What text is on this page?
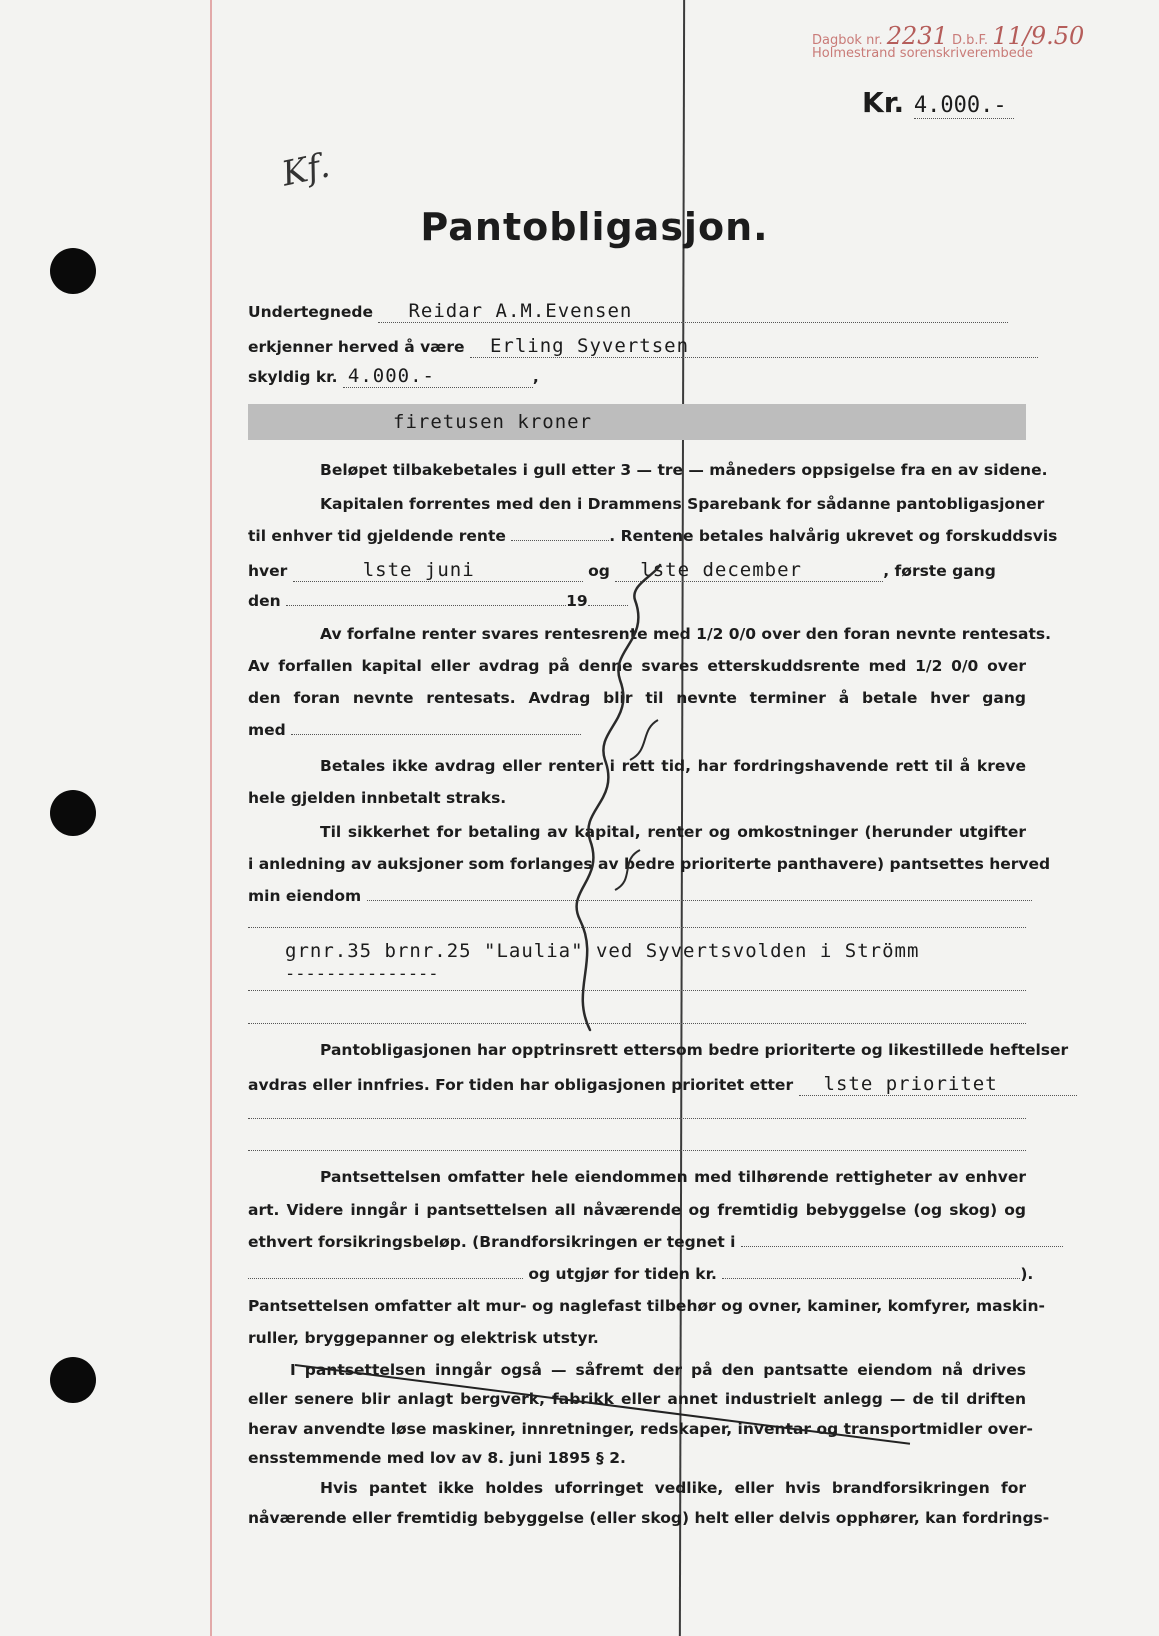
Dagbok nr. 2231 D.b.F. 11/9.50
Holmestrand sorenskriverembede
Kr. 4.000.-
Kf.
Pantobligasjon.
Undertegnede Reidar A.M.Evensen
erkjenner herved å være Erling Syvertsen
skyldig kr. 4.000.-	,
firetusen kroner
Beløpet tilbakebetales i gull etter 3 — tre — måneders oppsigelse fra en av sidene.
Kapitalen forrentes med den i Drammens Sparebank for sådanne pantobligasjoner
til enhver tid gjeldende rente	. Rentene betales halvårig ukrevet og forskuddsvis
hver	lste juni	og lste december	, første gang
den	19
Av forfalne renter svares rentesrente med 1/2 0/0 over den foran nevnte rentesats.
Av forfallen kapital eller avdrag på denne svares etterskuddsrente med 1/2 0/0 over
den foran nevnte rentesats. Avdrag blir til nevnte terminer å betale hver gang
med
Betales ikke avdrag eller renter i rett tid, har fordringshavende rett til å kreve
hele gjelden innbetalt straks.
Til sikkerhet for betaling av kapital, renter og omkostninger (herunder utgifter
i anledning av auksjoner som forlanges av bedre prioriterte panthavere) pantsettes herved
min eiendom
grnr.35 brnr.25 "Laulia" ved Syvertsvolden i Strömm
---------------
Pantobligasjonen har opptrinsrett ettersom bedre prioriterte og likestillede heftelser
avdras eller innfries. For tiden har obligasjonen prioritet etter lste prioritet
Pantsettelsen omfatter hele eiendommen med tilhørende rettigheter av enhver
art. Videre inngår i pantsettelsen all nåværende og fremtidig bebyggelse (og skog) og
ethvert forsikringsbeløp. (Brandforsikringen er tegnet i
og utgjør for tiden kr.	).
Pantsettelsen omfatter alt mur- og naglefast tilbehør og ovner, kaminer, komfyrer, maskin-
ruller, bryggepanner og elektrisk utstyr.
I pantsettelsen inngår også — såfremt der på den pantsatte eiendom nå drives
eller senere blir anlagt bergverk, fabrikk eller annet industrielt anlegg — de til driften
herav anvendte løse maskiner, innretninger, redskaper, inventar og transportmidler over-
ensstemmende med lov av 8. juni 1895 § 2.
Hvis pantet ikke holdes uforringet vedlike, eller hvis brandforsikringen for
nåværende eller fremtidig bebyggelse (eller skog) helt eller delvis opphører, kan fordrings-
